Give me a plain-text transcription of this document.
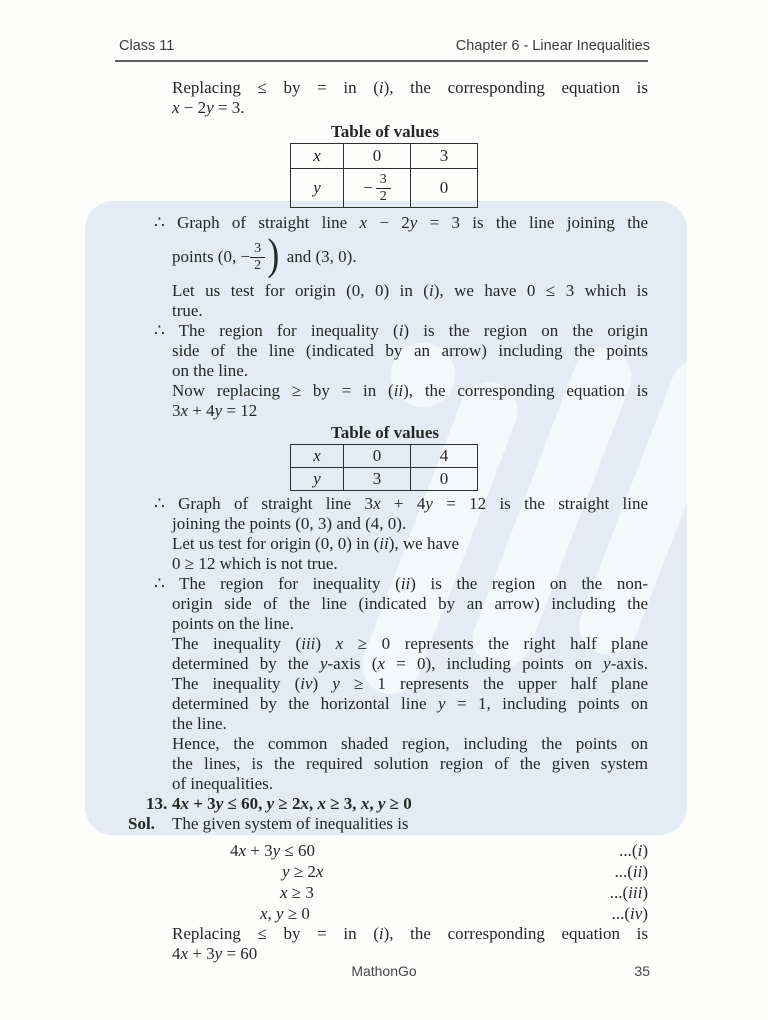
Class 11	Chapter 6 - Linear Inequalities
Replacing ≤ by = in (i), the corresponding equation is
x − 2y = 3.
Table of values
x	0	3
y	− $\frac{3}{2}$	0
∴ Graph of straight line x − 2y = 3 is the line joining the
points (0, − $\frac{3}{2}$ ) and (3, 0).
Let us test for origin (0, 0) in (i), we have 0 ≤ 3 which is
true.
∴ The region for inequality (i) is the region on the origin
side of the line (indicated by an arrow) including the points
on the line.
Now replacing ≥ by = in (ii), the corresponding equation is
3x + 4y = 12
Table of values
x	0	4
y	3	0
∴ Graph of straight line 3x + 4y = 12 is the straight line
joining the points (0, 3) and (4, 0).
Let us test for origin (0, 0) in (ii), we have
0 ≥ 12 which is not true.
∴ The region for inequality (ii) is the region on the non-
origin side of the line (indicated by an arrow) including the
points on the line.
The inequality (iii) x ≥ 0 represents the right half plane
determined by the y-axis (x = 0), including points on y-axis.
The inequality (iv) y ≥ 1 represents the upper half plane
determined by the horizontal line y = 1, including points on
the line.
Hence, the common shaded region, including the points on
the lines, is the required solution region of the given system
of inequalities.
13. 4x + 3y ≤ 60, y ≥ 2x, x ≥ 3, x, y ≥ 0
Sol.	The given system of inequalities is
4x + 3y ≤ 60	...(i)
y ≥ 2x	...(ii)
x ≥ 3	...(iii)
x, y ≥ 0	...(iv)
Replacing ≤ by = in (i), the corresponding equation is
4x + 3y = 60
MathonGo	35
